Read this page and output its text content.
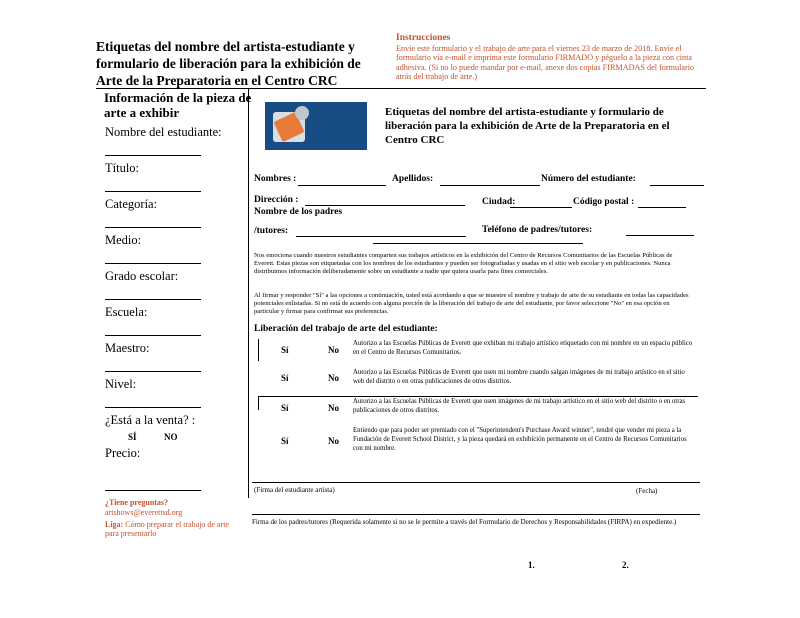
Etiquetas del nombre del artista-estudiante y formulario de liberación para la exhibición de Arte de la Preparatoria en el Centro CRC
Instrucciones
Envíe este formulario y el trabajo de arte para el viernes 23 de marzo de 2018. Envíe el formulario vía e-mail e imprima este formulario FIRMADO y péguelo a la pieza con cinta adhesiva. (Si no lo puede mandar por e-mail, anexe dos copias FIRMADAS del formulario atrás del trabajo de arte.)
Información de la pieza de arte a exhibir
Nombre del estudiante:
Título:
Categoría:
Medio:
Grado escolar:
Escuela:
Maestro:
Nivel:
¿Está a la venta? :
SÍ	NO
Precio:
¿Tiene preguntas?
artshows@everettsd.org
Liga: Cómo preparar el trabajo de arte para presentarlo
Etiquetas del nombre del artista-estudiante y formulario de liberación para la exhibición de Arte de la Preparatoria en el Centro CRC
Nombres :	Apellidos:	Número del estudiante:
Dirección :	Ciudad:	Código postal :
Nombre de los padres
/tutores:	Teléfono de padres/tutores:
Nos emociona cuando nuestros estudiantes comparten sus trabajos artísticos en la exhibición del Centro de Recursos Comunitarios de las Escuelas Públicas de Everett. Estas piezas son etiquetadas con los nombres de los estudiantes y pueden ser fotografiadas y usadas en el sitio web escolar y en publicaciones. Nunca distribuimos información deliberadamente sobre un estudiante a nadie que quiera usarla para fines comerciales.
Al firmar y responder "Sí" a las opciones a continuación, usted está acordando a que se muestre el nombre y trabajo de arte de su estudiante en todas las capacidades potenciales enlistadas. Si no está de acuerdo con alguna porción de la liberación del trabajo de arte del estudiante, por favor seleccione "No" en esa opción en particular y firmar para confirmar sus preferencias.
Liberación del trabajo de arte del estudiante:
Sí	No
Autorizo a las Escuelas Públicas de Everett que exhiban mi trabajo artístico etiquetado con mi nombre en un espacio público en el Centro de Recursos Comunitarios.
Sí	No
Autorizo a las Escuelas Públicas de Everett que usen mi nombre cuando salgan imágenes de mi trabajo artístico en el sitio web del distrito o en otras publicaciones de otros distritos.
Sí	No
Autorizo a las Escuelas Públicas de Everett que usen imágenes de mi trabajo artístico en el sitio web del distrito o en otras publicaciones de otros distritos.
Sí	No
Entiendo que para poder ser premiado con el "Superintendent's Purchase Award winner", tendré que vender mi pieza a la Fundación de Everett School District, y la pieza quedará en exhibición permanente en el Centro de Recursos Comunitarios con mi nombre.
(Firma del estudiante artista)	(Fecha)
Firma de los padres/tutores (Requerida solamente si no se le permite a través del Formulario de Derechos y Responsabilidades (FIRPA) en expediente.)
1.	2.
